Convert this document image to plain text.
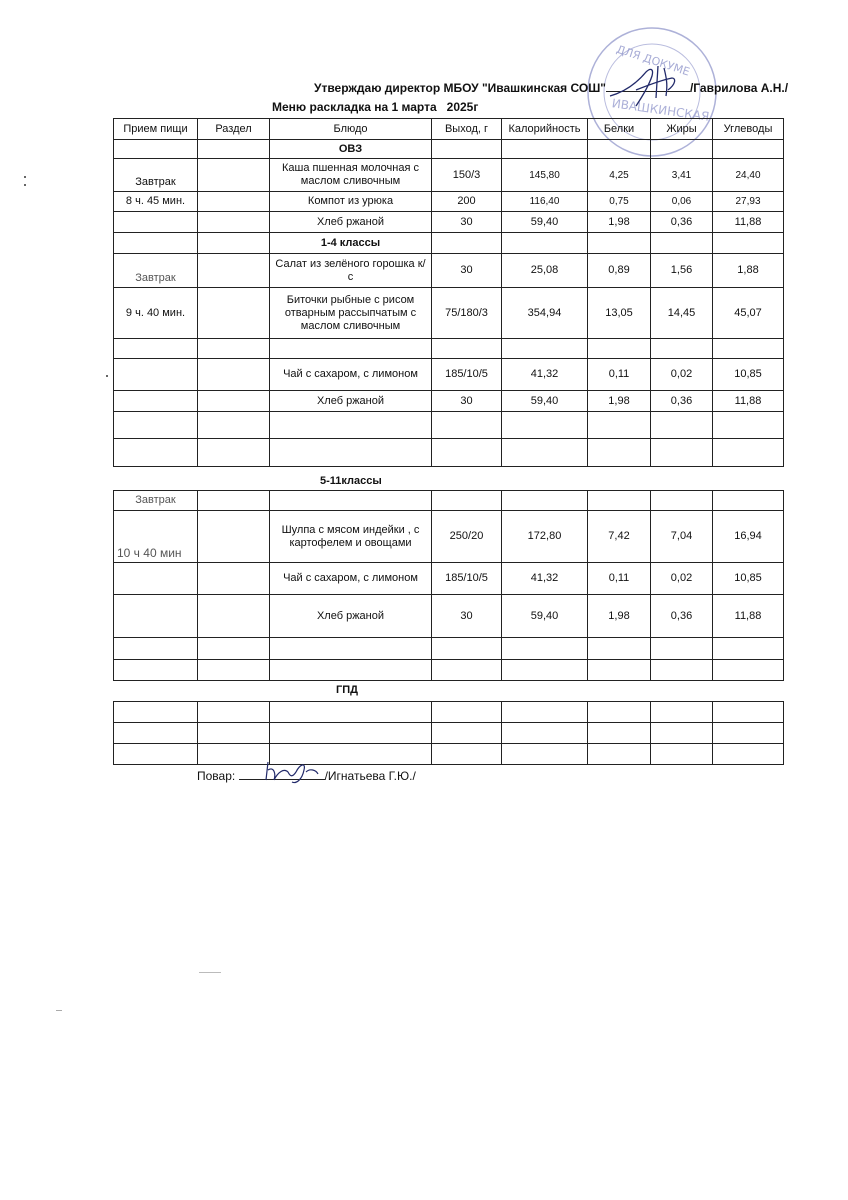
ДЛЯ ДОКУМЕ
ИВАШКИНСКАЯ
Утверждаю директор МБОУ "Ивашкинская СОШ"	/Гаврилова А.Н./
Меню раскладка на 1 марта   2025г
Прием пищи	Раздел	Блюдо	Выход, г	Калорийность	Белки	Жиры	Углеводы
		ОВЗ					
Завтрак		Каша пшенная молочная с маслом сливочным	150/3	145,80	4,25	3,41	24,40
8 ч. 45 мин.		Компот из урюка	200	116,40	0,75	0,06	27,93
		Хлеб ржаной	30	59,40	1,98	0,36	11,88
		1-4 классы					
Завтрак		Салат из зелёного горошка к/с	30	25,08	0,89	1,56	1,88
9 ч. 40 мин.		Биточки рыбные с рисом отварным рассыпчатым с маслом сливочным	75/180/3	354,94	13,05	14,45	45,07

		Чай с сахаром, с лимоном	185/10/5	41,32	0,11	0,02	10,85
		Хлеб ржаной	30	59,40	1,98	0,36	11,88

5-11классы
Завтрак							
10 ч 40 мин		Шулпа с мясом индейки , с картофелем и овощами	250/20	172,80	7,42	7,04	16,94
		Чай с сахаром, с лимоном	185/10/5	41,32	0,11	0,02	10,85
		Хлеб ржаной	30	59,40	1,98	0,36	11,88

ГПД

Повар:	/Игнатьева Г.Ю./
